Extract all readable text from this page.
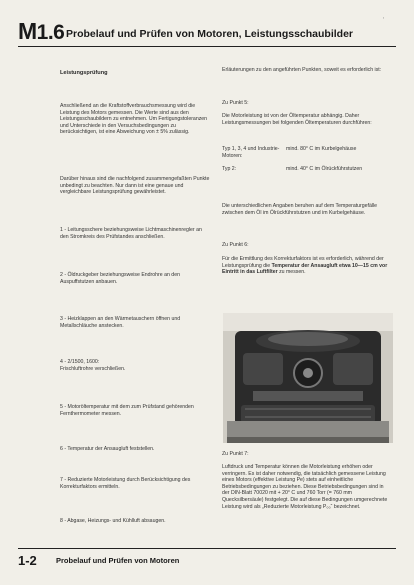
M1.6 Probelauf und Prüfen von Motoren, Leistungsschaubilder
‚
Leistungsprüfung
Anschließend an die Kraftstoffverbrauchsmessung wird die Leistung des Motors gemessen. Die Werte sind aus den Leistungsschaubildern zu entnehmen. Um Fertigungstoleranzen und Unterschiede in den Versuchsbedingungen zu berücksichtigen, ist eine Abweichung von ± 5% zulässig.
Darüber hinaus sind die nachfolgend zusammengefaßten Punkte unbedingt zu beachten. Nur dann ist eine genaue und vergleichbare Leistungsprüfung gewährleistet.
1 - Leitungsschere beziehungsweise Lichtmaschinenregler an den Stromkreis des Prüfstandes anschließen.
2 - Öldruckgeber beziehungsweise Endrohre an den Auspuffstutzen anbauen.
3 - Heizklappen an den Wärmetauschern öffnen und Metallschläuche anstecken.
4 - 2/1500, 1600:
Frischluftrohre verschließen.
5 - Motoröltemperatur mit dem zum Prüfstand gehörenden Fernthermometer messen.
6 - Temperatur der Ansaugluft feststellen.
7 - Reduzierte Motorleistung durch Berücksichtigung des Korrekturfaktors ermitteln.
8 - Abgase, Heizungs- und Kühlluft absaugen.
Erläuterungen zu den angeführten Punkten, soweit es erforderlich ist:
Zu Punkt 5:
Die Motorleistung ist von der Öltemperatur abhängig. Daher Leistungsmessungen bei folgenden Öltemperaturen durchführen:
Typ 1, 3, 4 und Industrie-Motoren:
mind. 80° C im Kurbelgehäuse
Typ 2:	mind. 40° C im Ölrückführstutzen
Die unterschiedlichen Angaben beruhen auf dem Temperaturgefälle zwischen dem Öl im Ölrückführstutzen und im Kurbelgehäuse.
Zu Punkt 6:
Für die Ermittlung des Korrekturfaktors ist es erforderlich, während der Leistungsprüfung die Temperatur der Ansaugluft etwa 10—15 cm vor Eintritt in das Luftfilter zu messen.
Zu Punkt 7:
Luftdruck und Temperatur können die Motorleistung erhöhen oder verringern. Es ist daher notwendig, die tatsächlich gemessene Leistung eines Motors (effektive Leistung Pe) stets auf einheitliche Betriebsbedingungen zu beziehen. Diese Betriebsbedingungen sind in der DIN-Blatt 70020 mit + 20° C und 760 Torr (= 760 mm Quecksilbersäule) festgelegt. Die auf diese Bedingungen umgerechnete Leistung wird als „Reduzierte Motorleistung P₀₀“ bezeichnet.
1-2	Probelauf und Prüfen von Motoren
